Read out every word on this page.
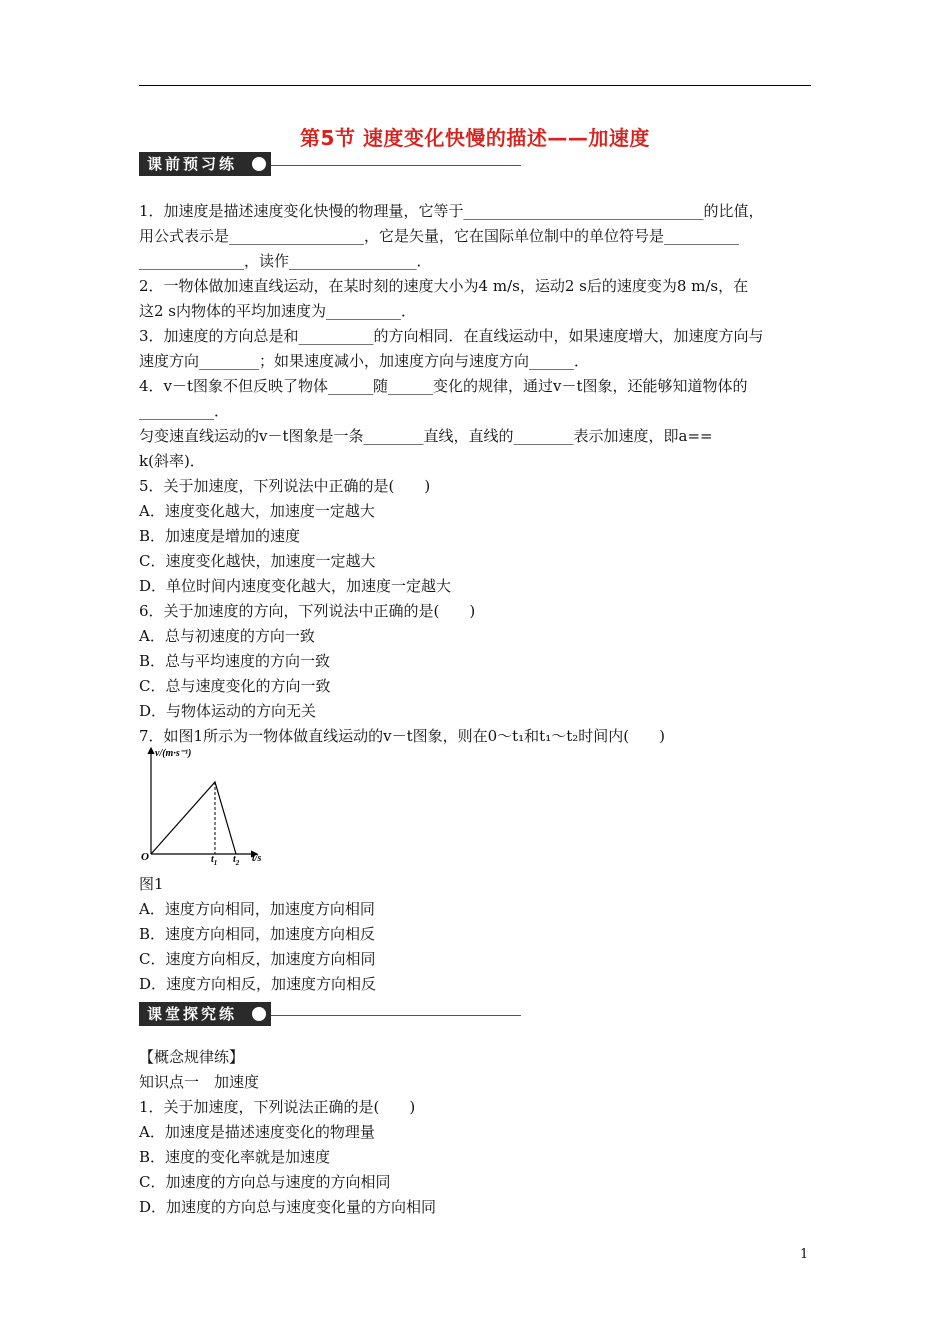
第5节 速度变化快慢的描述——加速度
课前预习练

1．加速度是描述速度变化快慢的物理量，它等于________________________________的比值，

用公式表示是__________________，它是矢量，它在国际单位制中的单位符号是__________

______________，读作_________________．

2．一物体做加速直线运动，在某时刻的速度大小为4 m/s，运动2 s后的速度变为8 m/s，在

这2 s内物体的平均加速度为__________．

3．加速度的方向总是和__________的方向相同．在直线运动中，如果速度增大，加速度方向与

速度方向________；如果速度减小，加速度方向与速度方向______．

4．v－t图象不但反映了物体______随______变化的规律，通过v－t图象，还能够知道物体的

__________．

匀变速直线运动的v－t图象是一条________直线，直线的________表示加速度，即a==

k(斜率)．

5．关于加速度，下列说法中正确的是(　　)

A．速度变化越大，加速度一定越大

B．加速度是增加的速度

C．速度变化越快，加速度一定越大

D．单位时间内速度变化越大，加速度一定越大

6．关于加速度的方向，下列说法中正确的是(　　)

A．总与初速度的方向一致

B．总与平均速度的方向一致

C．总与速度变化的方向一致

D．与物体运动的方向无关

7．如图1所示为一物体做直线运动的v－t图象，则在0～t₁和t₁～t₂时间内(　　)

v/(m·s⁻¹)
O	$t_1$ $t_2$ t/s
图1

A．速度方向相同，加速度方向相同

B．速度方向相同，加速度方向相反

C．速度方向相反，加速度方向相同

D．速度方向相反，加速度方向相反

课堂探究练

【概念规律练】

知识点一　加速度

1．关于加速度，下列说法正确的是(　　)

A．加速度是描述速度变化的物理量

B．速度的变化率就是加速度

C．加速度的方向总与速度的方向相同

D．加速度的方向总与速度变化量的方向相同

1
